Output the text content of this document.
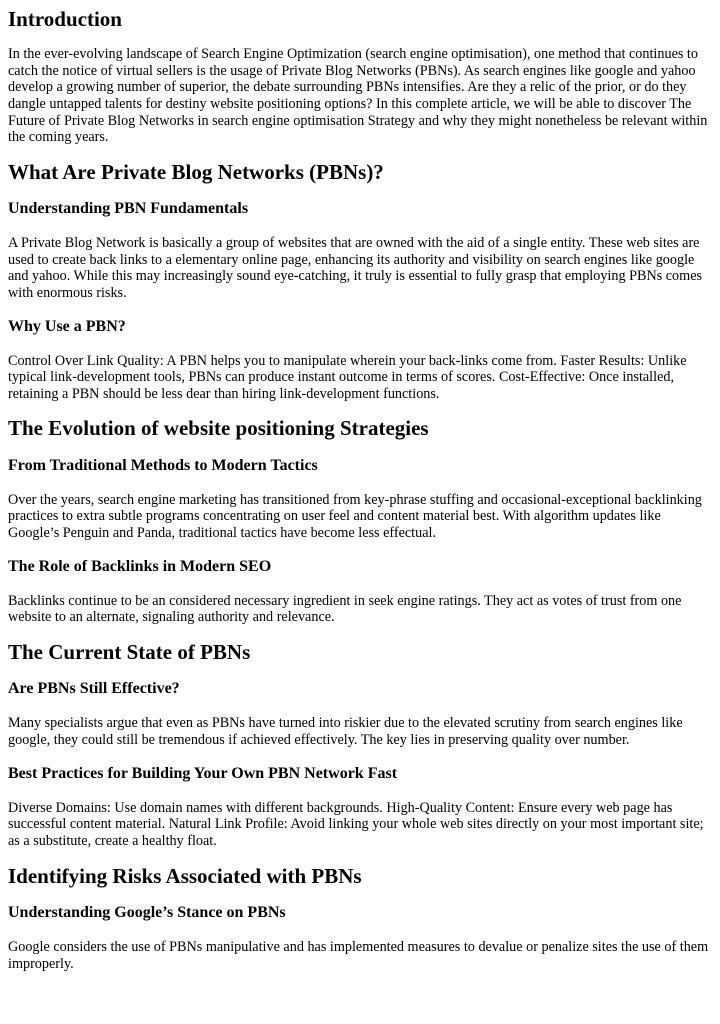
Introduction

In the ever-evolving landscape of Search Engine Optimization (search engine optimisation), one method that continues to catch the notice of virtual sellers is the usage of Private Blog Networks (PBNs). As search engines like google and yahoo develop a growing number of superior, the debate surrounding PBNs intensifies. Are they a relic of the prior, or do they dangle untapped talents for destiny website positioning options? In this complete article, we will be able to discover The Future of Private Blog Networks in search engine optimisation Strategy and why they might nonetheless be relevant within the coming years.

What Are Private Blog Networks (PBNs)?
Understanding PBN Fundamentals

A Private Blog Network is basically a group of websites that are owned with the aid of a single entity. These web sites are used to create back links to a elementary online page, enhancing its authority and visibility on search engines like google and yahoo. While this may increasingly sound eye-catching, it truly is essential to fully grasp that employing PBNs comes with enormous risks.

Why Use a PBN?

Control Over Link Quality: A PBN helps you to manipulate wherein your back-links come from. Faster Results: Unlike typical link-development tools, PBNs can produce instant outcome in terms of scores. Cost-Effective: Once installed, retaining a PBN should be less dear than hiring link-development functions.

The Evolution of website positioning Strategies
From Traditional Methods to Modern Tactics

Over the years, search engine marketing has transitioned from key-phrase stuffing and occasional-exceptional backlinking practices to extra subtle programs concentrating on user feel and content material best. With algorithm updates like Google’s Penguin and Panda, traditional tactics have become less effectual.

The Role of Backlinks in Modern SEO

Backlinks continue to be an considered necessary ingredient in seek engine ratings. They act as votes of trust from one website to an alternate, signaling authority and relevance.

The Current State of PBNs
Are PBNs Still Effective?

Many specialists argue that even as PBNs have turned into riskier due to the elevated scrutiny from search engines like google, they could still be tremendous if achieved effectively. The key lies in preserving quality over number.

Best Practices for Building Your Own PBN Network Fast

Diverse Domains: Use domain names with different backgrounds. High-Quality Content: Ensure every web page has successful content material. Natural Link Profile: Avoid linking your whole web sites directly on your most important site; as a substitute, create a healthy float.

Identifying Risks Associated with PBNs
Understanding Google’s Stance on PBNs

Google considers the use of PBNs manipulative and has implemented measures to devalue or penalize sites the use of them improperly.
